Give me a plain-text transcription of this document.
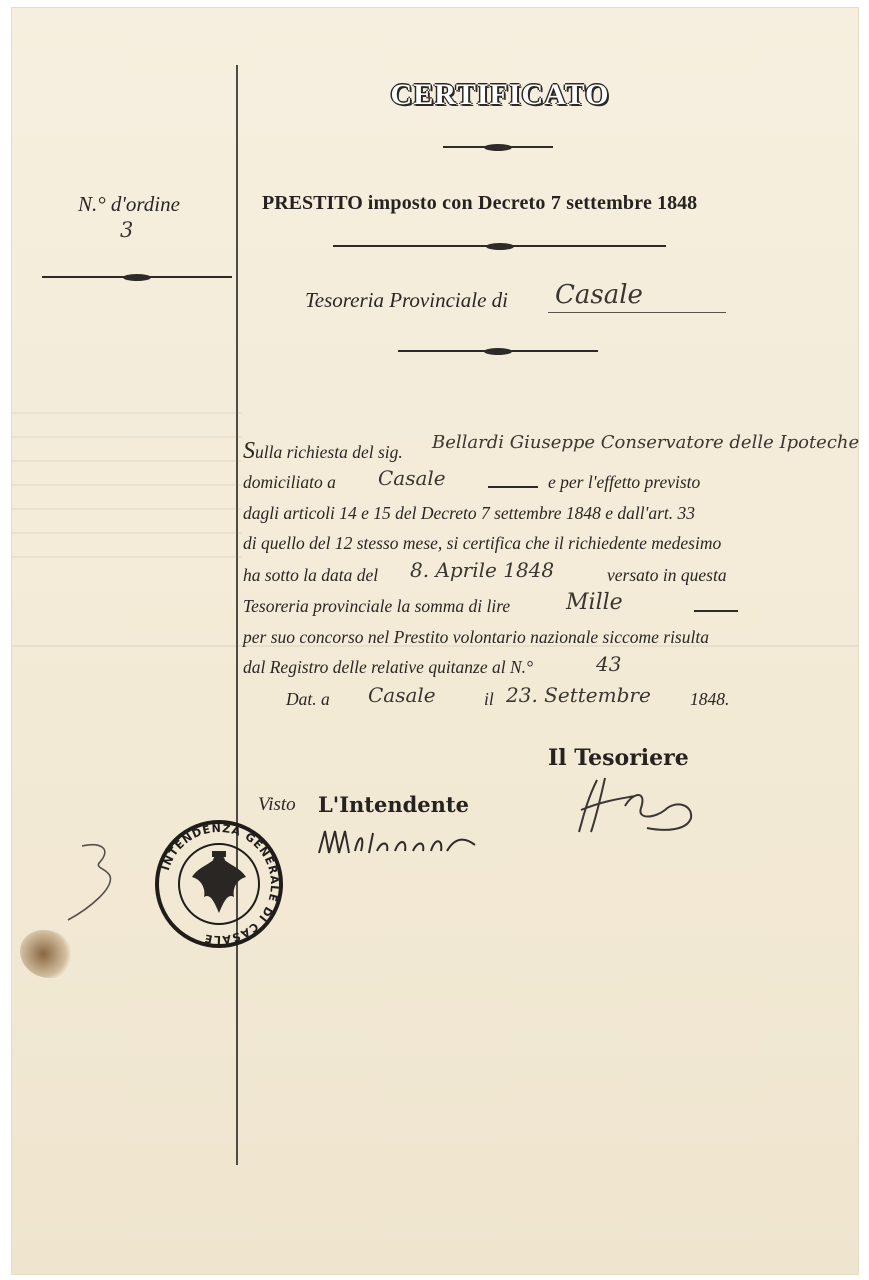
CERTIFICATO
PRESTITO imposto con Decreto 7 settembre 1848
N.° d'ordine
3
Tesoreria Provinciale di Casale
Sulla richiesta del sig. Bellardi Giuseppe Conservatore delle Ipoteche
domiciliato a Casale	e per l'effetto previsto
dagli articoli 14 e 15 del Decreto 7 settembre 1848 e dall'art. 33
di quello del 12 stesso mese, si certifica che il richiedente medesimo
ha sotto la data del 8. Aprile 1848	versato in questa
Tesoreria provinciale la somma di lire	Mille
per suo concorso nel Prestito volontario nazionale siccome risulta
dal Registro delle relative quitanze al N.°	43
Dat. a Casale	il 23. Settembre 1848.
Il Tesoriere
Visto L'Intendente
INTENDENZA GENERALE DI CASALE
